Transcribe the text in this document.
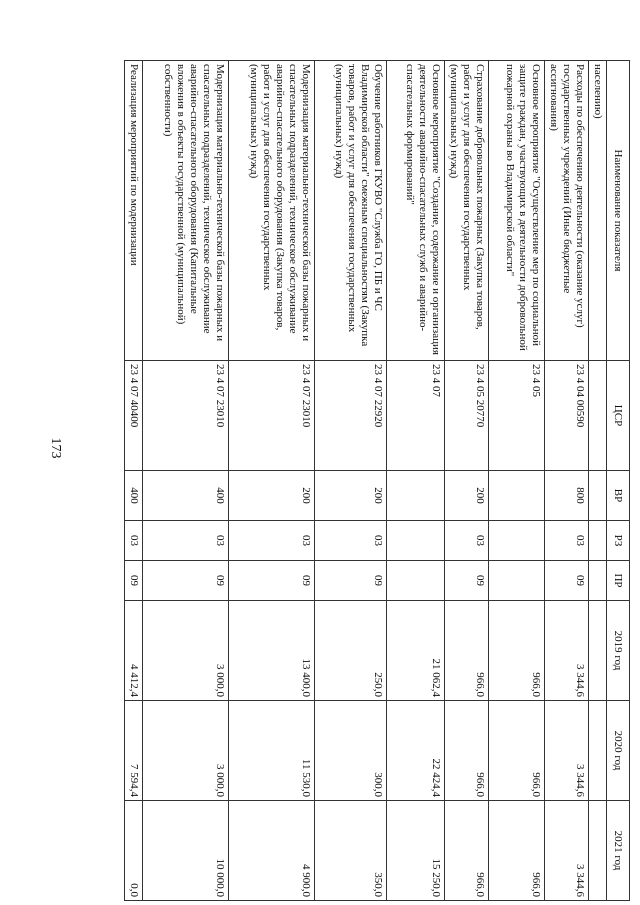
173
Наименование показателя	ЦСР	ВР	РЗ	ПР	2019 год	2020 год	2021 год
населению)							
Расходы по обеспечению деятельности (оказание услуг) государственных учреждений (Иные бюджетные ассигнования)	23 4 04 00590	800	03	09	3 344,6	3 344,6	3 344,6
Основное мероприятие "Осуществление мер по социальной защите граждан, участвующих в деятельности добровольной пожарной охраны во Владимирской области"	23 4 05				966,0	966,0	966,0
Страхование добровольных пожарных (Закупка товаров, работ и услуг для обеспечения государственных (муниципальных) нужд)	23 4 05 20770	200	03	09	966,0	966,0	966,0
Основное мероприятие "Создание, содержание и организация деятельности аварийно-спасательных служб и аварийно-спасательных формирований"	23 4 07				21 062,4	22 424,4	15 250,0
Обучение работников ГКУВО "Служба ГО, ПБ и ЧС Владимирской области" смежным специальностям (Закупка товаров, работ и услуг для обеспечения государственных (муниципальных) нужд)	23 4 07 22920	200	03	09	250,0	300,0	350,0
Модернизация материально-технической базы пожарных и спасательных подразделений, техническое обслуживание аварийно-спасательного оборудования (Закупка товаров, работ и услуг для обеспечения государственных (муниципальных) нужд)	23 4 07 23010	200	03	09	13 400,0	11 530,0	4 900,0
Модернизация материально-технической базы пожарных и спасательных подразделений, техническое обслуживание аварийно-спасательного оборудования (Капитальные вложения в объекты государственной (муниципальной) собственности)	23 4 07 23010	400	03	09	3 000,0	3 000,0	10 000,0
Реализация мероприятий по модернизации	23 4 07 40400	400	03	09	4 412,4	7 594,4	0,0
